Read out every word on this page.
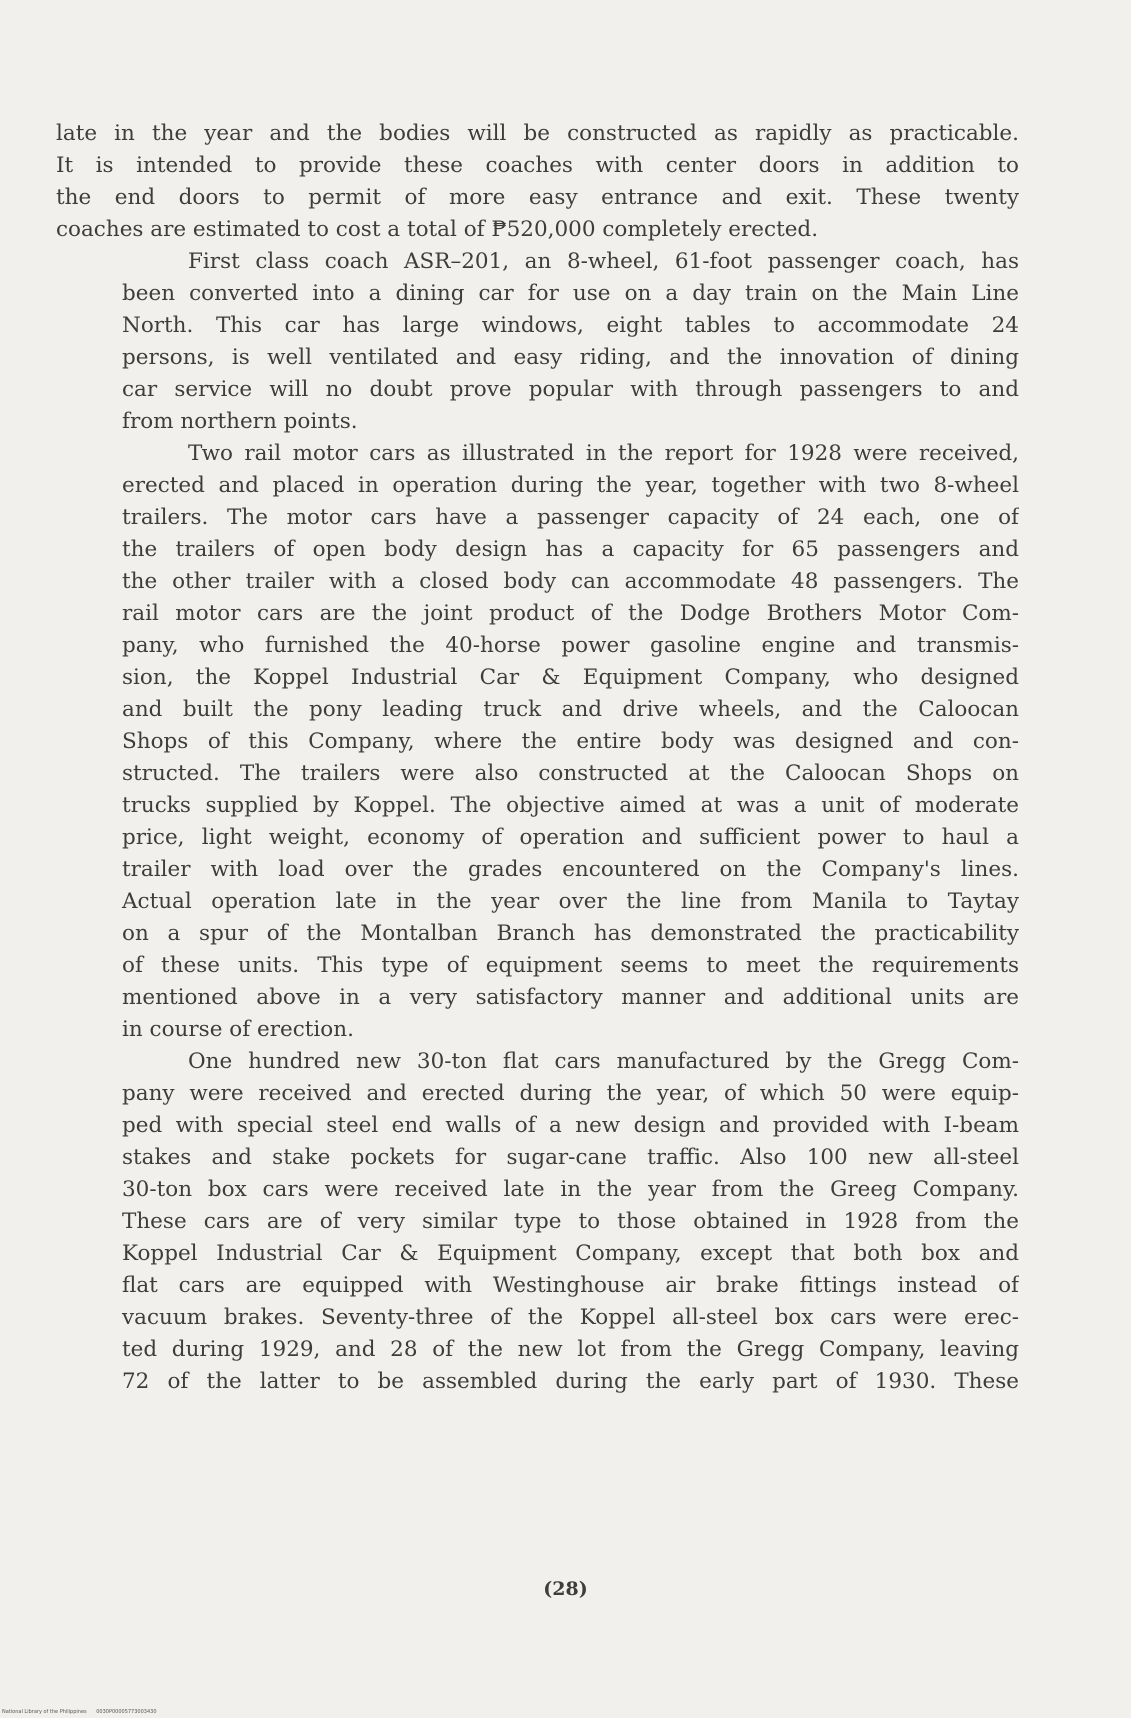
late in the year and the bodies will be constructed as rapidly as practicable.
It is intended to provide these coaches with center doors in addition to
the end doors to permit of more easy entrance and exit. These twenty
coaches are estimated to cost a total of ₱520,000 completely erected.
First class coach ASR–201, an 8-wheel, 61-foot passenger coach, has
been converted into a dining car for use on a day train on the Main Line
North. This car has large windows, eight tables to accommodate 24
persons, is well ventilated and easy riding, and the innovation of dining
car service will no doubt prove popular with through passengers to and
from northern points.
Two rail motor cars as illustrated in the report for 1928 were received,
erected and placed in operation during the year, together with two 8-wheel
trailers. The motor cars have a passenger capacity of 24 each, one of
the trailers of open body design has a capacity for 65 passengers and
the other trailer with a closed body can accommodate 48 passengers. The
rail motor cars are the joint product of the Dodge Brothers Motor Com-
pany, who furnished the 40-horse power gasoline engine and transmis-
sion, the Koppel Industrial Car & Equipment Company, who designed
and built the pony leading truck and drive wheels, and the Caloocan
Shops of this Company, where the entire body was designed and con-
structed. The trailers were also constructed at the Caloocan Shops on
trucks supplied by Koppel. The objective aimed at was a unit of moderate
price, light weight, economy of operation and sufficient power to haul a
trailer with load over the grades encountered on the Company's lines.
Actual operation late in the year over the line from Manila to Taytay
on a spur of the Montalban Branch has demonstrated the practicability
of these units. This type of equipment seems to meet the requirements
mentioned above in a very satisfactory manner and additional units are
in course of erection.
One hundred new 30-ton flat cars manufactured by the Gregg Com-
pany were received and erected during the year, of which 50 were equip-
ped with special steel end walls of a new design and provided with I-beam
stakes and stake pockets for sugar-cane traffic. Also 100 new all-steel
30-ton box cars were received late in the year from the Greeg Company.
These cars are of very similar type to those obtained in 1928 from the
Koppel Industrial Car & Equipment Company, except that both box and
flat cars are equipped with Westinghouse air brake fittings instead of
vacuum brakes. Seventy-three of the Koppel all-steel box cars were erec-
ted during 1929, and 28 of the new lot from the Gregg Company, leaving
72 of the latter to be assembled during the early part of 1930. These
(28)
National Library of the Philippines 0030P00005773003430
